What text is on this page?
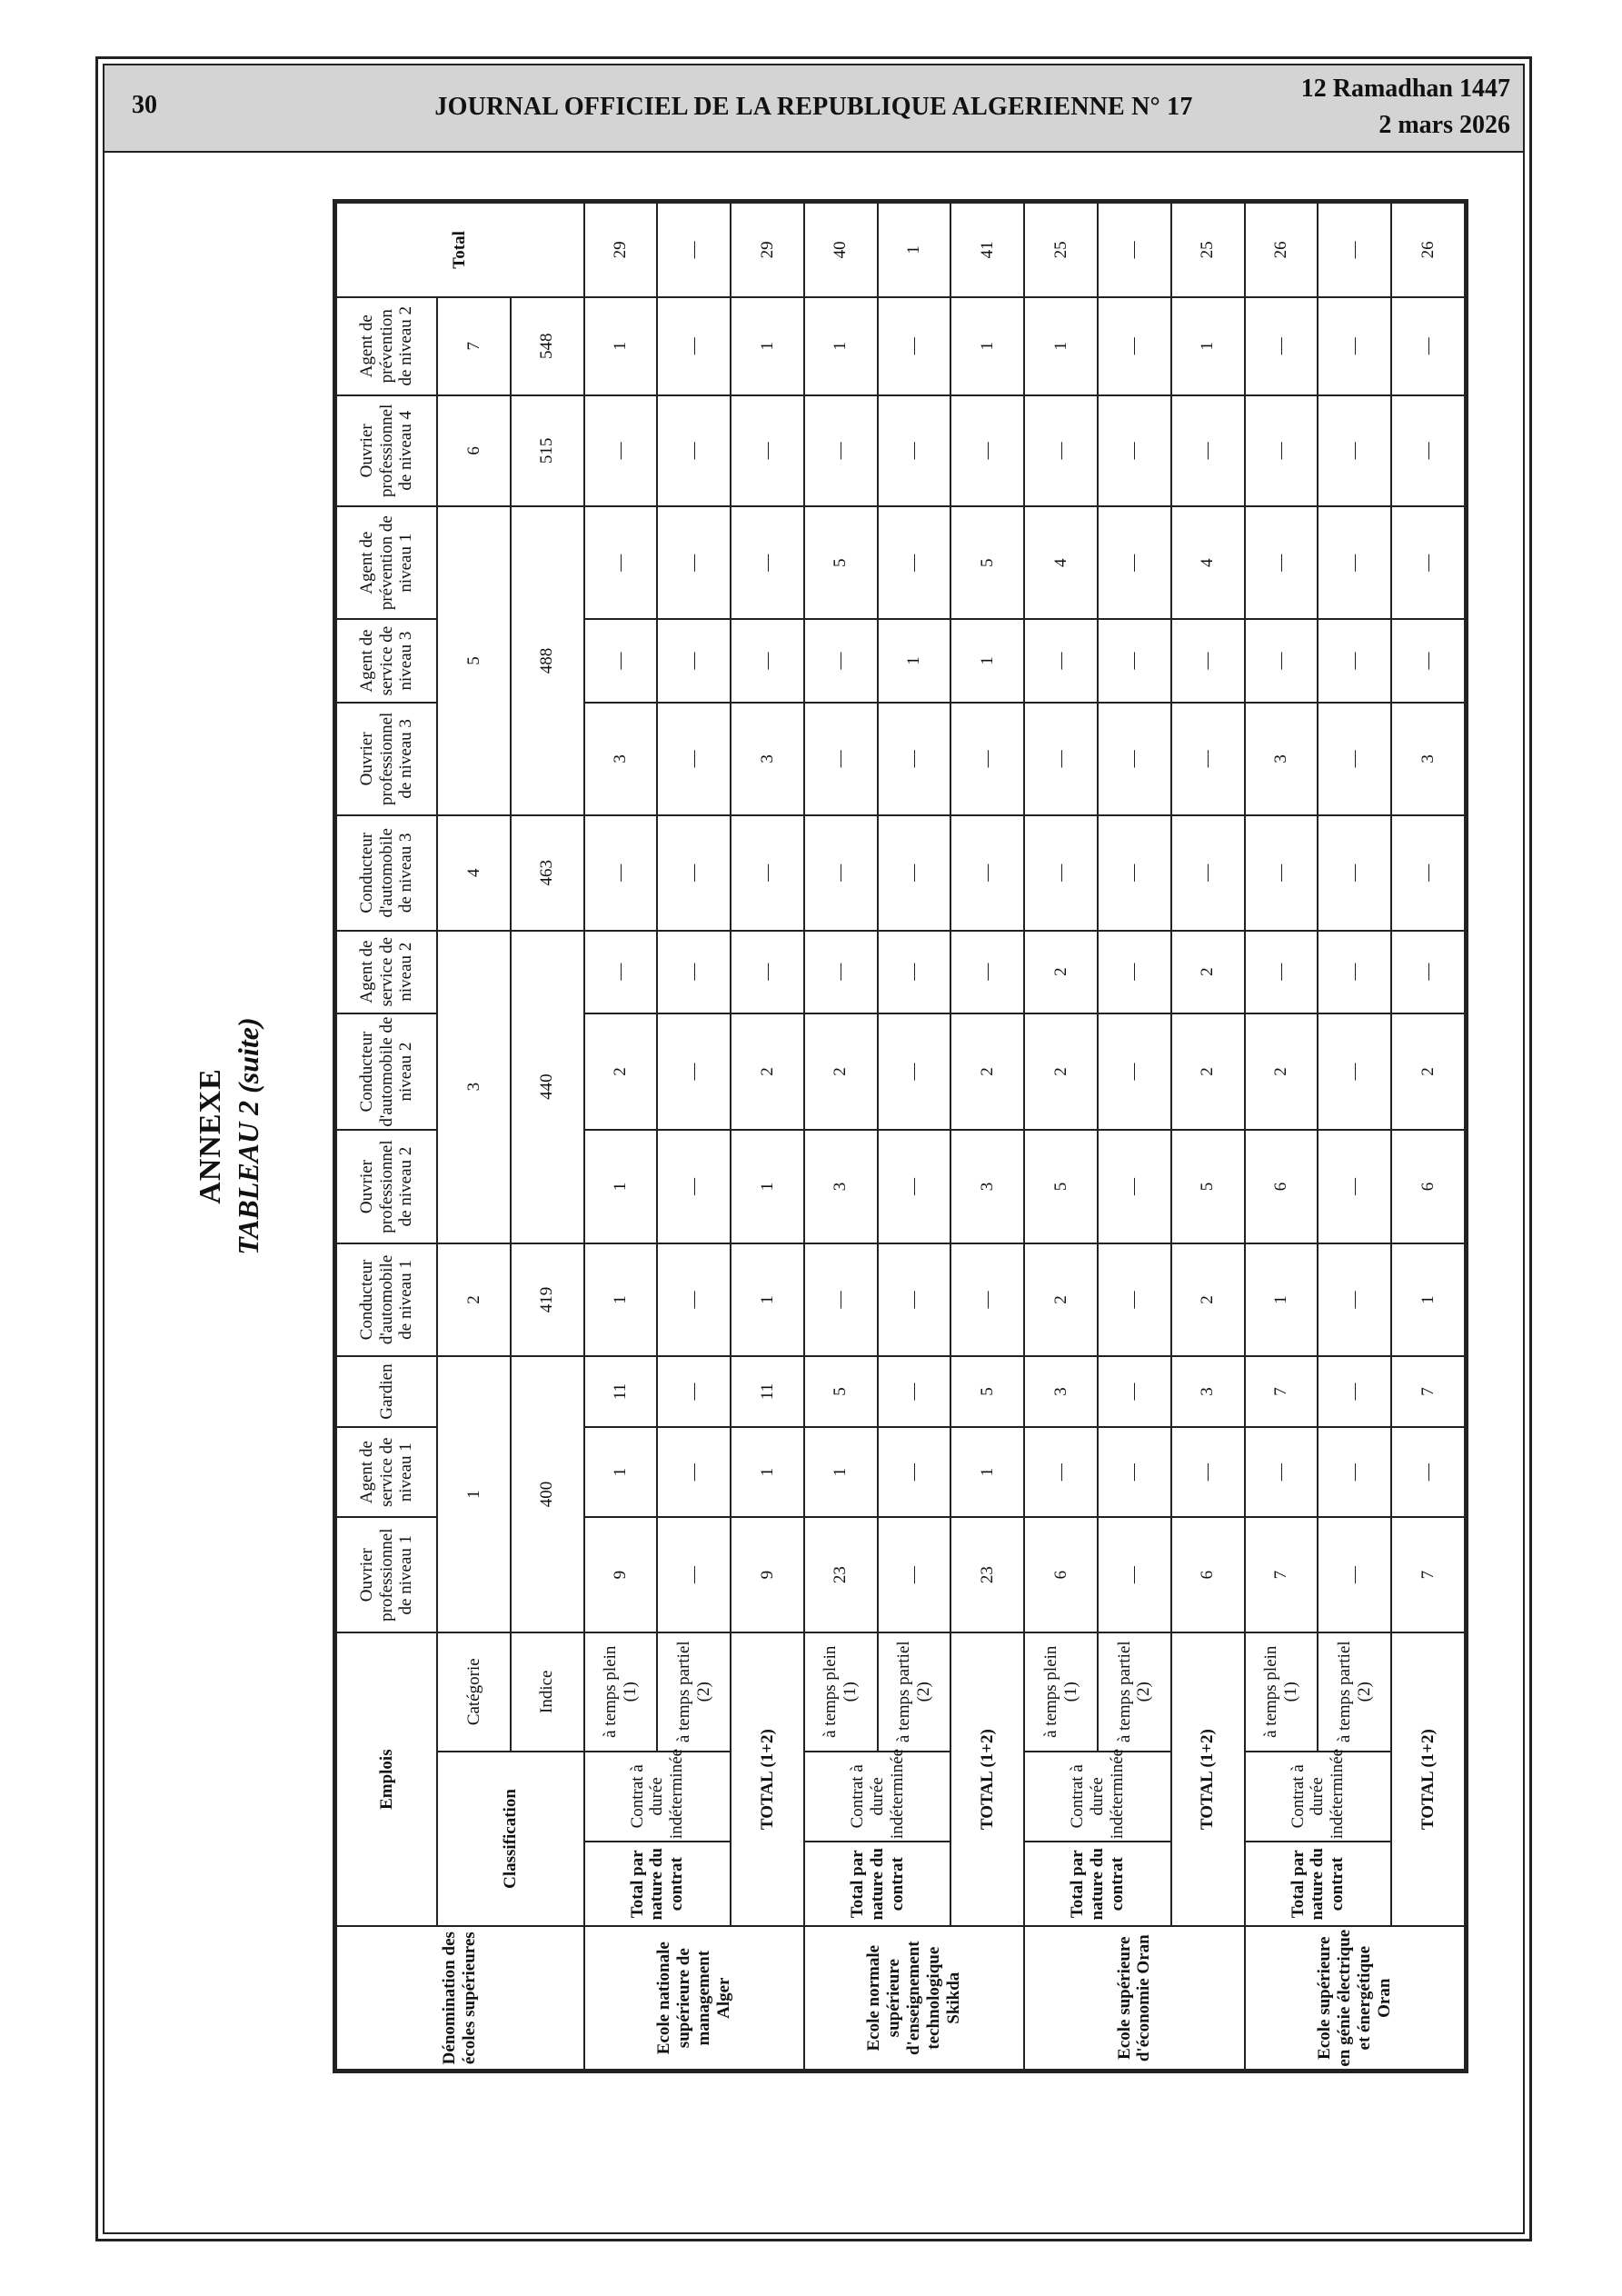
30	JOURNAL OFFICIEL DE LA REPUBLIQUE ALGERIENNE N° 17
12 Ramadhan 1447
2 mars 2026
ANNEXE TABLEAU 2 (suite)
Dénomination des écoles supérieures	Emplois			Ouvrier professionnel de niveau 1	Agent de service de niveau 1	Gardien	Conducteur d'automobile de niveau 1	Ouvrier professionnel de niveau 2	Conducteur d'automobile de niveau 2	Agent de service de niveau 2	Conducteur d'automobile de niveau 3	Ouvrier professionnel de niveau 3	Agent de service de niveau 3	Agent de prévention de niveau 1	Ouvrier professionnel de niveau 4	Agent de prévention de niveau 2	Total
	Classification		Catégorie	1			2	3			4	5			6	7	
			Indice	400			419	440			463	488			515	548	
Ecole nationale supérieure de management Alger	Total par nature du contrat	Contrat à durée indéterminée	à temps plein (1)	9	1	11	1	1	2	—	—	3	—	—	—	1	29
			à temps partiel (2)	—	—	—	—	—	—	—	—	—	—	—	—	—	—
	TOTAL (1+2)			9	1	11	1	1	2	—	—	3	—	—	—	1	29
Ecole normale supérieure d'enseignement technologique Skikda	Total par nature du contrat	Contrat à durée indéterminée	à temps plein (1)	23	1	5	—	3	2	—	—	—	—	5	—	1	40
			à temps partiel (2)	—	—	—	—	—	—	—	—	—	1	—	—	—	1
	TOTAL (1+2)			23	1	5	—	3	2	—	—	—	1	5	—	1	41
Ecole supérieure d'économie Oran	Total par nature du contrat	Contrat à durée indéterminée	à temps plein (1)	6	—	3	2	5	2	2	—	—	—	4	—	1	25
			à temps partiel (2)	—	—	—	—	—	—	—	—	—	—	—	—	—	—
	TOTAL (1+2)			6	—	3	2	5	2	2	—	—	—	4	—	1	25
Ecole supérieure en génie électrique et énergétique Oran	Total par nature du contrat	Contrat à durée indéterminée	à temps plein (1)	7	—	7	1	6	2	—	—	3	—	—	—	—	26
			à temps partiel (2)	—	—	—	—	—	—	—	—	—	—	—	—	—	—
	TOTAL (1+2)			7	—	7	1	6	2	—	—	3	—	—	—	—	26
